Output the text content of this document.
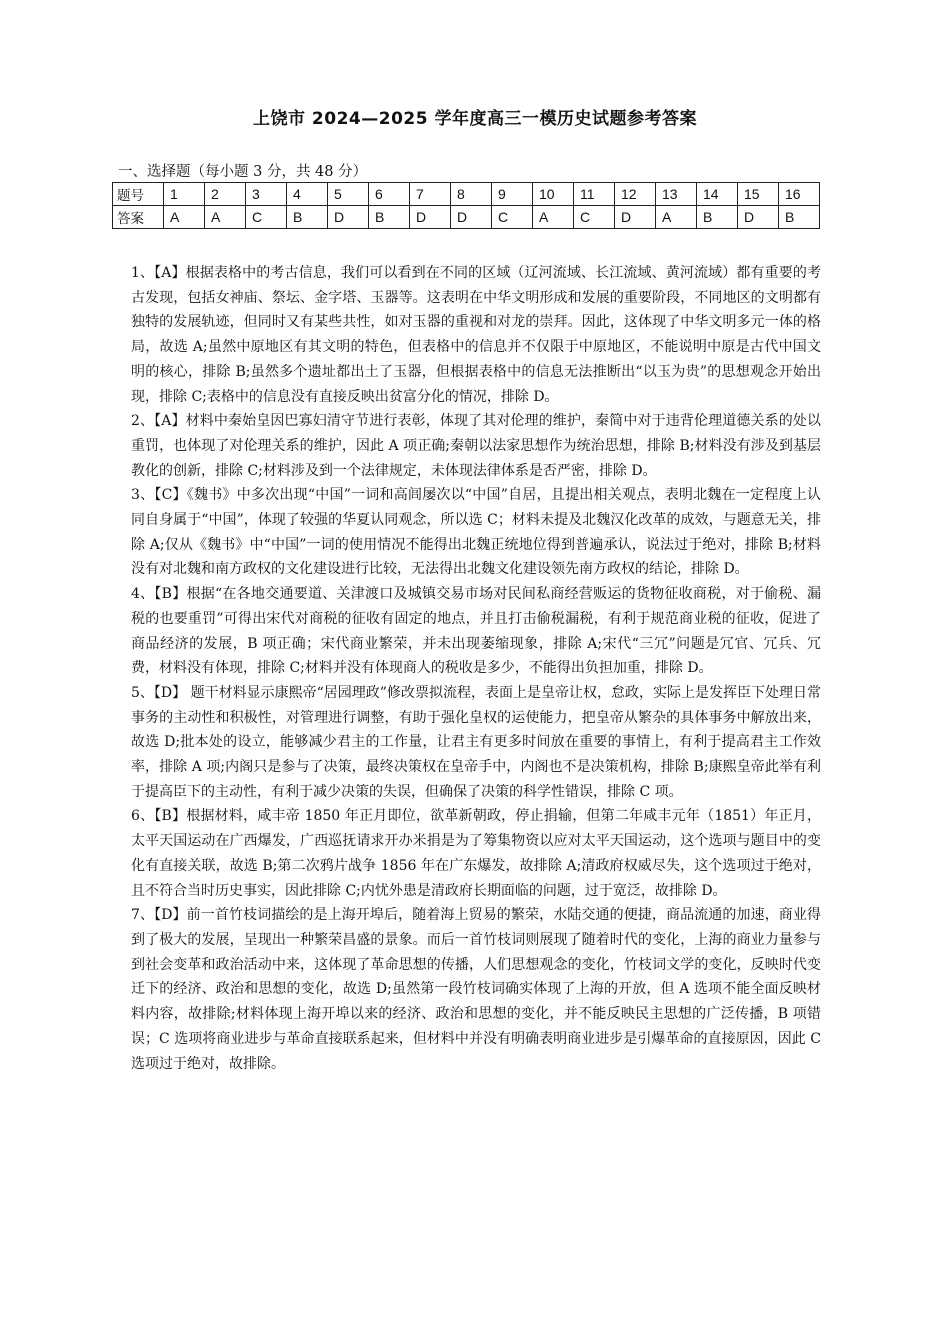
上饶市 2024—2025 学年度高三一模历史试题参考答案
一、选择题（每小题 3 分，共 48 分）
题号	1	2	3	4	5	6	7	8	9	10	11	12	13	14	15	16
答案	A	A	C	B	D	B	D	D	C	A	C	D	A	B	D	B

1、【A】根据表格中的考古信息，我们可以看到在不同的区域（辽河流域、长江流域、黄河流域）都有重要的考古发现，包括女神庙、祭坛、金字塔、玉器等。这表明在中华文明形成和发展的重要阶段，不同地区的文明都有独特的发展轨迹，但同时又有某些共性，如对玉器的重视和对龙的崇拜。因此，这体现了中华文明多元一体的格局，故选 A;虽然中原地区有其文明的特色，但表格中的信息并不仅限于中原地区，不能说明中原是古代中国文明的核心，排除 B;虽然多个遗址都出土了玉器，但根据表格中的信息无法推断出“以玉为贵”的思想观念开始出现，排除 C;表格中的信息没有直接反映出贫富分化的情况，排除 D。

2、【A】材料中秦始皇因巴寡妇清守节进行表彰，体现了其对伦理的维护，秦简中对于违背伦理道德关系的处以重罚，也体现了对伦理关系的维护，因此 A 项正确;秦朝以法家思想作为统治思想，排除 B;材料没有涉及到基层教化的创新，排除 C;材料涉及到一个法律规定，未体现法律体系是否严密，排除 D。

3、【C】《魏书》中多次出现“中国”一词和高闾屡次以“中国”自居，且提出相关观点，表明北魏在一定程度上认同自身属于“中国”，体现了较强的华夏认同观念，所以选 C；材料未提及北魏汉化改革的成效，与题意无关，排除 A;仅从《魏书》中“中国”一词的使用情况不能得出北魏正统地位得到普遍承认，说法过于绝对，排除 B;材料没有对北魏和南方政权的文化建设进行比较，无法得出北魏文化建设领先南方政权的结论，排除 D。

4、【B】根据“在各地交通要道、关津渡口及城镇交易市场对民间私商经营贩运的货物征收商税，对于偷税、漏税的也要重罚”可得出宋代对商税的征收有固定的地点，并且打击偷税漏税，有利于规范商业税的征收，促进了商品经济的发展，B 项正确；宋代商业繁荣，并未出现萎缩现象，排除 A;宋代“三冗”问题是冗官、冗兵、冗费，材料没有体现，排除 C;材料并没有体现商人的税收是多少，不能得出负担加重，排除 D。

5、【D】 题干材料显示康熙帝“居园理政”修改票拟流程，表面上是皇帝让权，怠政，实际上是发挥臣下处理日常事务的主动性和积极性，对管理进行调整，有助于强化皇权的运使能力，把皇帝从繁杂的具体事务中解放出来，故选 D;批本处的设立，能够减少君主的工作量，让君主有更多时间放在重要的事情上，有利于提高君主工作效率，排除 A 项;内阁只是参与了决策，最终决策权在皇帝手中，内阁也不是决策机构，排除 B;康熙皇帝此举有利于提高臣下的主动性，有利于减少决策的失误，但确保了决策的科学性错误，排除 C 项。

6、【B】根据材料，咸丰帝 1850 年正月即位，欲革新朝政，停止捐输，但第二年咸丰元年（1851）年正月，太平天国运动在广西爆发，广西巡抚请求开办米捐是为了筹集物资以应对太平天国运动，这个选项与题目中的变化有直接关联，故选 B;第二次鸦片战争 1856 年在广东爆发，故排除 A;清政府权威尽失，这个选项过于绝对，且不符合当时历史事实，因此排除 C;内忧外患是清政府长期面临的问题，过于宽泛，故排除 D。

7、【D】前一首竹枝词描绘的是上海开埠后，随着海上贸易的繁荣，水陆交通的便捷，商品流通的加速，商业得到了极大的发展，呈现出一种繁荣昌盛的景象。而后一首竹枝词则展现了随着时代的变化，上海的商业力量参与到社会变革和政治活动中来，这体现了革命思想的传播，人们思想观念的变化，竹枝词文学的变化，反映时代变迁下的经济、政治和思想的变化，故选 D;虽然第一段竹枝词确实体现了上海的开放，但 A 选项不能全面反映材料内容，故排除;材料体现上海开埠以来的经济、政治和思想的变化，并不能反映民主思想的广泛传播，B 项错误；C 选项将商业进步与革命直接联系起来，但材料中并没有明确表明商业进步是引爆革命的直接原因，因此 C 选项过于绝对，故排除。
